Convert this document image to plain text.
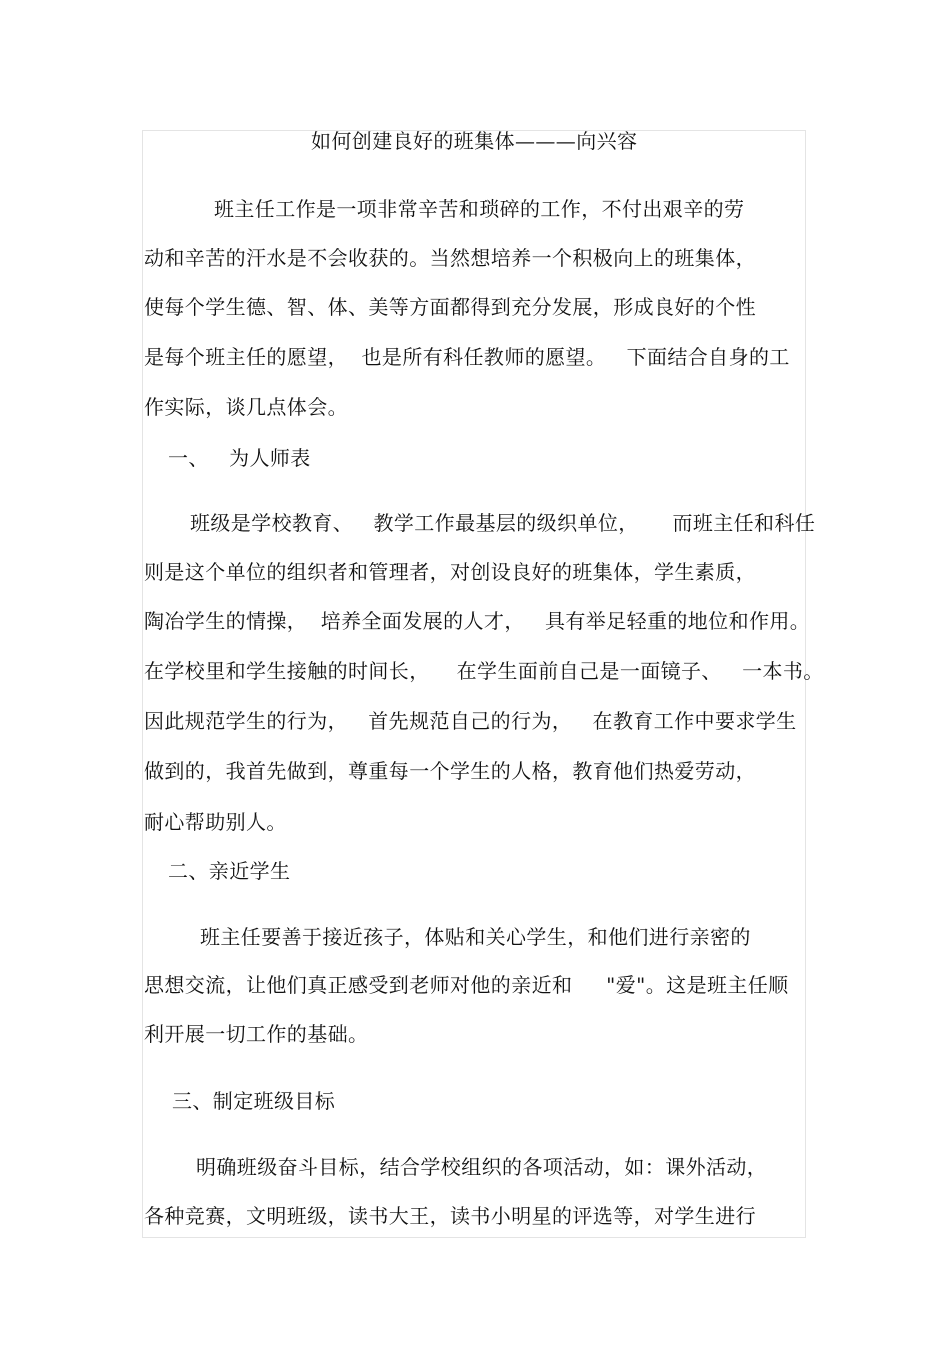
如何创建良好的班集体———向兴容
班主任工作是一项非常辛苦和琐碎的工作，不付出艰辛的劳
动和辛苦的汗水是不会收获的。当然想培养一个积极向上的班集体，
使每个学生德、智、体、美等方面都得到充分发展，形成良好的个性
是每个班主任的愿望，  也是所有科任教师的愿望。   下面结合自身的工
作实际，谈几点体会。
一、   为人师表
班级是学校教育、   教学工作最基层的级织单位，     而班主任和科任
则是这个单位的组织者和管理者，对创设良好的班集体，学生素质，
陶冶学生的情操，  培养全面发展的人才，   具有举足轻重的地位和作用。
在学校里和学生接触的时间长，    在学生面前自己是一面镜子、   一本书。
因此规范学生的行为，   首先规范自己的行为，   在教育工作中要求学生
做到的，我首先做到，尊重每一个学生的人格，教育他们热爱劳动，
耐心帮助别人。
二、亲近学生
班主任要善于接近孩子，体贴和关心学生，和他们进行亲密的
思想交流，让他们真正感受到老师对他的亲近和     "爱"。这是班主任顺
利开展一切工作的基础。
三、制定班级目标
明确班级奋斗目标，结合学校组织的各项活动，如：课外活动，
各种竞赛，文明班级，读书大王，读书小明星的评选等，对学生进行
